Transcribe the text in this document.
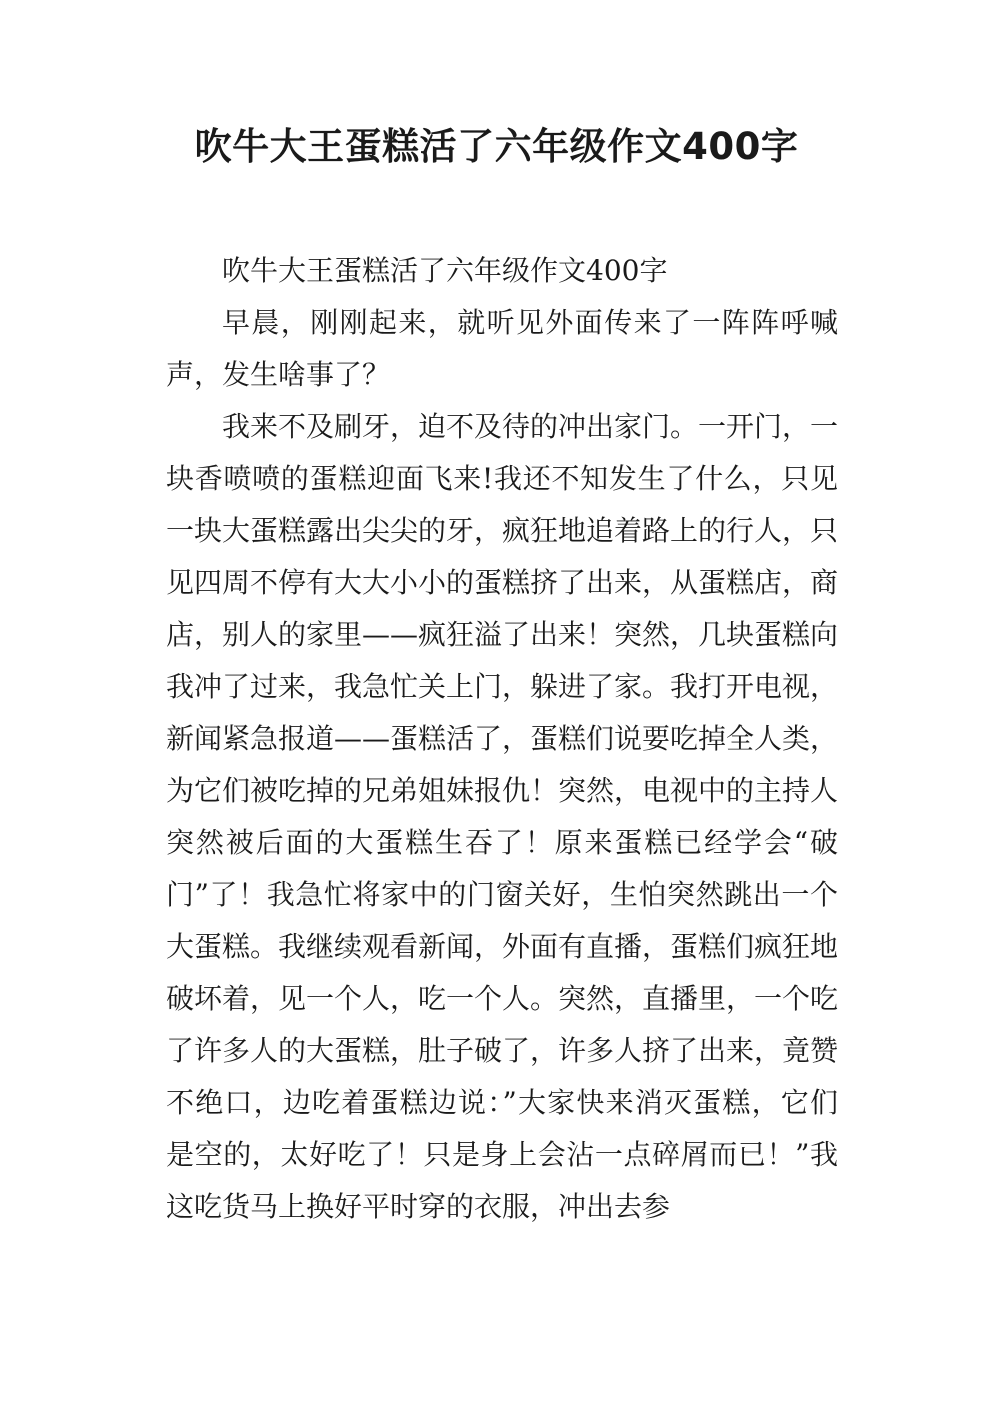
吹牛大王蛋糕活了六年级作文400字

吹牛大王蛋糕活了六年级作文400字

早晨，刚刚起来，就听见外面传来了一阵阵呼喊声，发生啥事了？

我来不及刷牙，迫不及待的冲出家门。一开门，一块香喷喷的蛋糕迎面飞来!我还不知发生了什么，只见一块大蛋糕露出尖尖的牙，疯狂地追着路上的行人，只见四周不停有大大小小的蛋糕挤了出来，从蛋糕店，商店，别人的家里——疯狂溢了出来！突然，几块蛋糕向我冲了过来，我急忙关上门，躲进了家。我打开电视，新闻紧急报道——蛋糕活了，蛋糕们说要吃掉全人类，为它们被吃掉的兄弟姐妹报仇！突然，电视中的主持人突然被后面的大蛋糕生吞了！原来蛋糕已经学会“破门”了！我急忙将家中的门窗关好，生怕突然跳出一个大蛋糕。我继续观看新闻，外面有直播，蛋糕们疯狂地破坏着，见一个人，吃一个人。突然，直播里，一个吃了许多人的大蛋糕，肚子破了，许多人挤了出来，竟赞不绝口，边吃着蛋糕边说：”大家快来消灭蛋糕，它们是空的，太好吃了！只是身上会沾一点碎屑而已！”我这吃货马上换好平时穿的衣服，冲出去参
